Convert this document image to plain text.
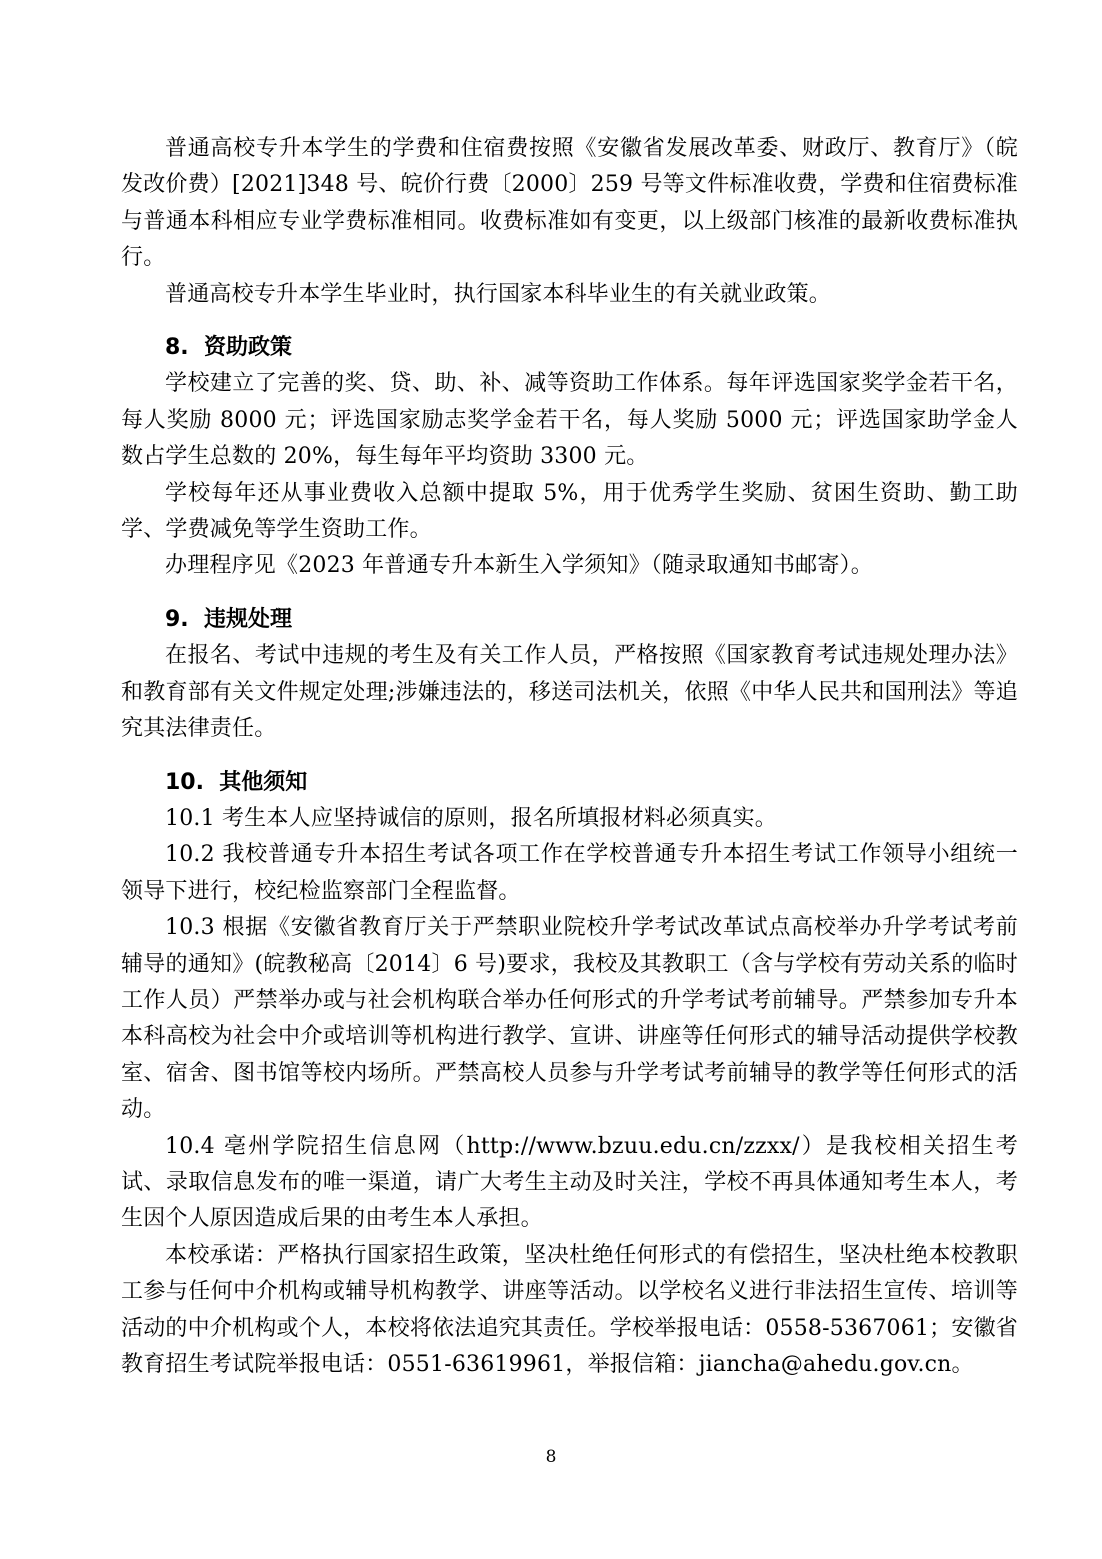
普通高校专升本学生的学费和住宿费按照《安徽省发展改革委、财政厅、教育厅》（皖发改价费）[2021]348 号、皖价行费〔2000〕259 号等文件标准收费，学费和住宿费标准与普通本科相应专业学费标准相同。收费标准如有变更，以上级部门核准的最新收费标准执行。

普通高校专升本学生毕业时，执行国家本科毕业生的有关就业政策。

8.  资助政策

学校建立了完善的奖、贷、助、补、减等资助工作体系。每年评选国家奖学金若干名，每人奖励 8000 元；评选国家励志奖学金若干名，每人奖励 5000 元；评选国家助学金人数占学生总数的 20%，每生每年平均资助 3300 元。

学校每年还从事业费收入总额中提取 5%，用于优秀学生奖励、贫困生资助、勤工助学、学费减免等学生资助工作。

办理程序见《2023 年普通专升本新生入学须知》（随录取通知书邮寄）。

9.  违规处理

在报名、考试中违规的考生及有关工作人员，严格按照《国家教育考试违规处理办法》和教育部有关文件规定处理;涉嫌违法的，移送司法机关，依照《中华人民共和国刑法》等追究其法律责任。

10.  其他须知

10.1 考生本人应坚持诚信的原则，报名所填报材料必须真实。

10.2 我校普通专升本招生考试各项工作在学校普通专升本招生考试工作领导小组统一领导下进行，校纪检监察部门全程监督。

10.3 根据《安徽省教育厅关于严禁职业院校升学考试改革试点高校举办升学考试考前辅导的通知》(皖教秘高〔2014〕6 号)要求，我校及其教职工（含与学校有劳动关系的临时工作人员）严禁举办或与社会机构联合举办任何形式的升学考试考前辅导。严禁参加专升本本科高校为社会中介或培训等机构进行教学、宣讲、讲座等任何形式的辅导活动提供学校教室、宿舍、图书馆等校内场所。严禁高校人员参与升学考试考前辅导的教学等任何形式的活动。

10.4 亳州学院招生信息网（http://www.bzuu.edu.cn/zzxx/）是我校相关招生考试、录取信息发布的唯一渠道，请广大考生主动及时关注，学校不再具体通知考生本人，考生因个人原因造成后果的由考生本人承担。

本校承诺：严格执行国家招生政策，坚决杜绝任何形式的有偿招生，坚决杜绝本校教职工参与任何中介机构或辅导机构教学、讲座等活动。以学校名义进行非法招生宣传、培训等活动的中介机构或个人，本校将依法追究其责任。学校举报电话：0558-5367061；安徽省教育招生考试院举报电话：0551-63619961，举报信箱：jiancha@ahedu.gov.cn。

8
